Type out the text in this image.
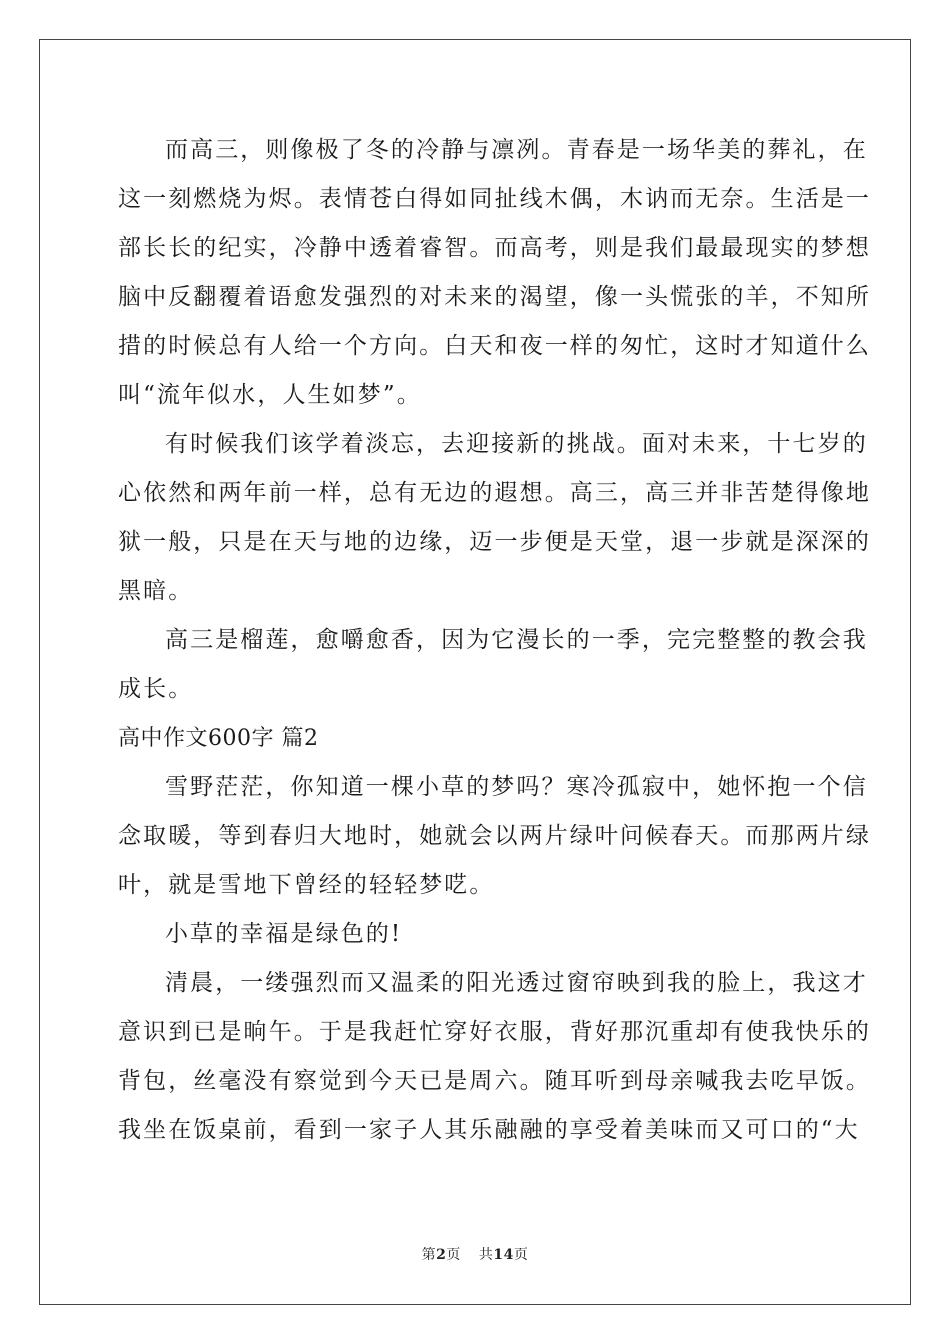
而高三，则像极了冬的冷静与凛冽。青春是一场华美的葬礼，在
这一刻燃烧为烬。表情苍白得如同扯线木偶，木讷而无奈。生活是一
部长长的纪实，冷静中透着睿智。而高考，则是我们最最现实的梦想
脑中反翻覆着语愈发强烈的对未来的渴望，像一头慌张的羊，不知所
措的时候总有人给一个方向。白天和夜一样的匆忙，这时才知道什么
叫“流年似水，人生如梦”。
有时候我们该学着淡忘，去迎接新的挑战。面对未来，十七岁的
心依然和两年前一样，总有无边的遐想。高三，高三并非苦楚得像地
狱一般，只是在天与地的边缘，迈一步便是天堂，退一步就是深深的
黑暗。
高三是榴莲，愈嚼愈香，因为它漫长的一季，完完整整的教会我
成长。
高中作文600字 篇2
雪野茫茫，你知道一棵小草的梦吗？寒冷孤寂中，她怀抱一个信
念取暖，等到春归大地时，她就会以两片绿叶问候春天。而那两片绿
叶，就是雪地下曾经的轻轻梦呓。
小草的幸福是绿色的!
清晨，一缕强烈而又温柔的阳光透过窗帘映到我的脸上，我这才
意识到已是晌午。于是我赶忙穿好衣服，背好那沉重却有使我快乐的
背包，丝毫没有察觉到今天已是周六。随耳听到母亲喊我去吃早饭。
我坐在饭桌前，看到一家子人其乐融融的享受着美味而又可口的“大
第2页 共14页
